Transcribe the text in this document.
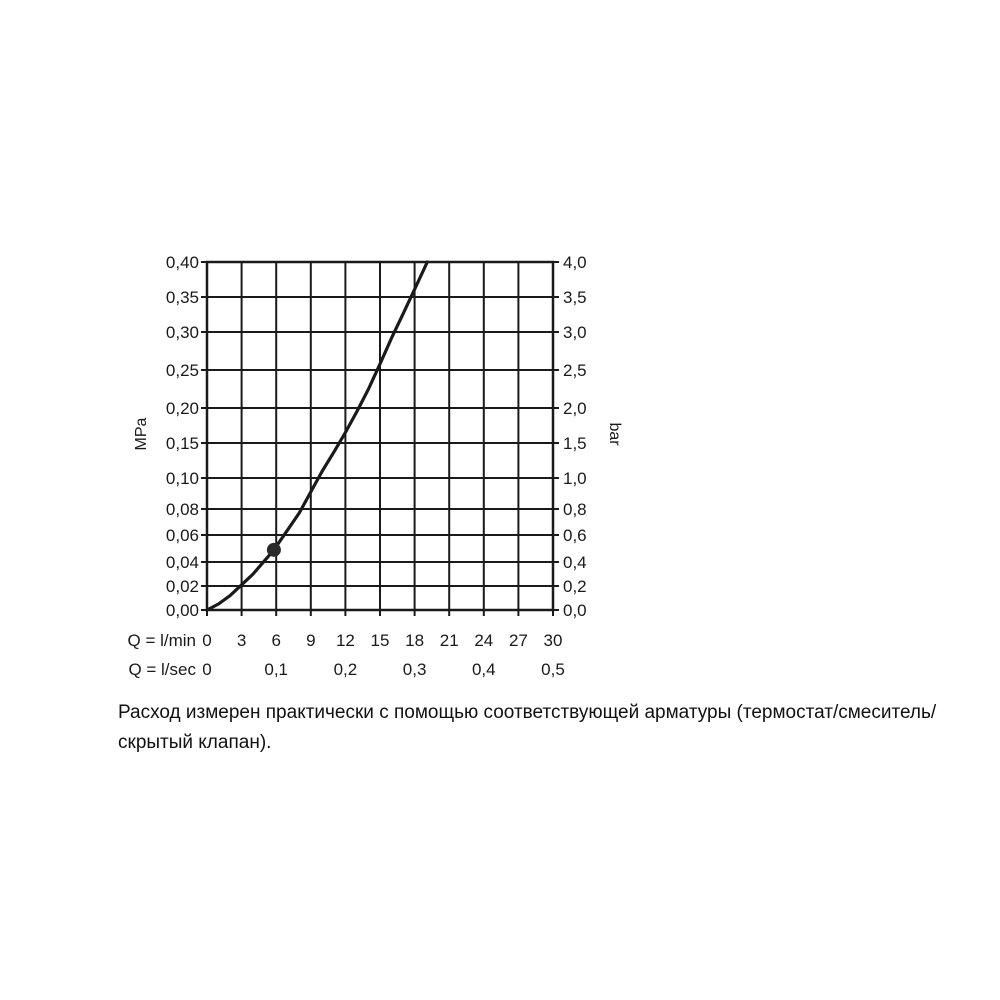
0,00
0,02
0,04
0,06
0,08
0,10
0,15
0,20
0,25
0,30
0,35
0,40
0,0
0,2
0,4
0,6
0,8
1,0
1,5
2,0
2,5
3,0
3,5
4,0
0 3 6 9 12 15 18 21 24 27 30
0	0,1	0,2	0,3	0,4	0,5
MPa	bar
Q = l/min
Q = l/sec

Расход измерен практически с помощью соответствующей арматуры (термостат/смеситель/скрытый клапан).
